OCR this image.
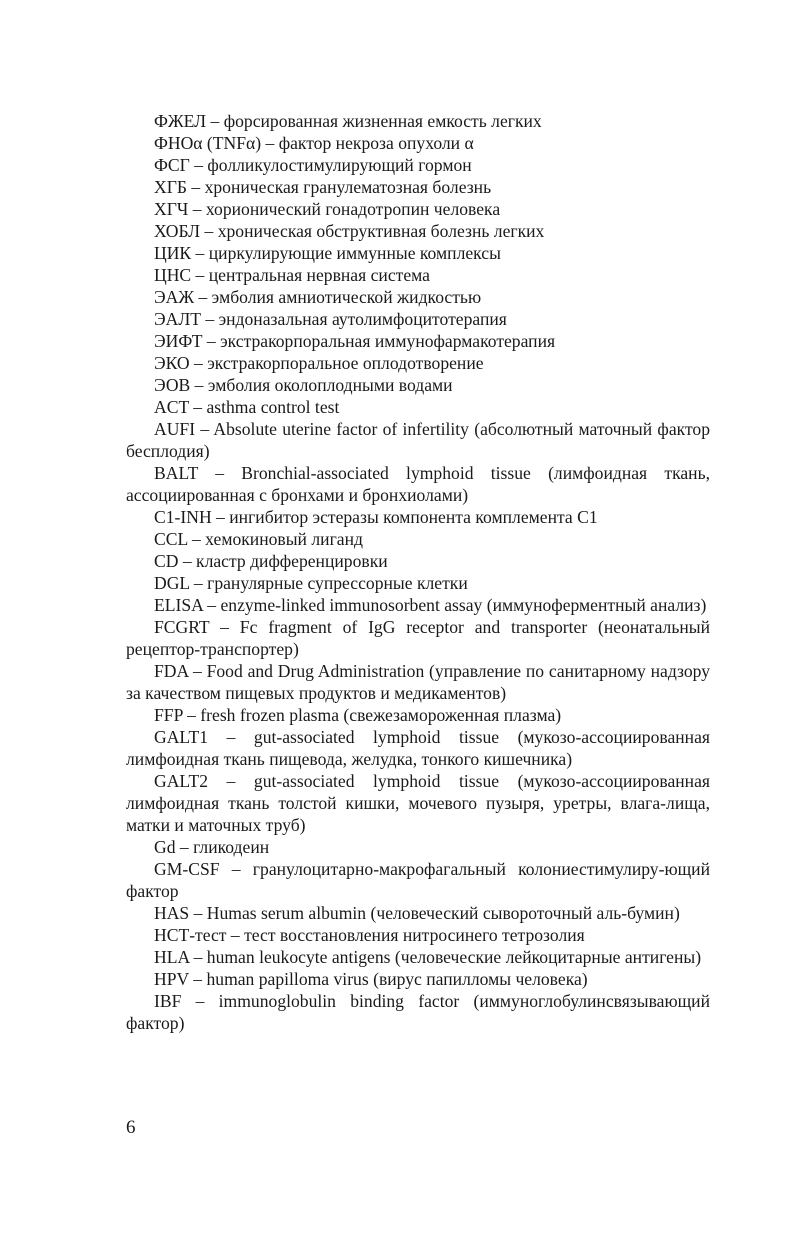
ФЖЕЛ – форсированная жизненная емкость легких

ФНОα (TNFα) – фактор некроза опухоли α

ФСГ – фолликулостимулирующий гормон

ХГБ – хроническая гранулематозная болезнь

ХГЧ – хорионический гонадотропин человека

ХОБЛ – хроническая обструктивная болезнь легких

ЦИК – циркулирующие иммунные комплексы

ЦНС – центральная нервная система

ЭАЖ – эмболия амниотической жидкостью

ЭАЛТ – эндоназальная аутолимфоцитотерапия

ЭИФТ – экстракорпоральная иммунофармакотерапия

ЭКО – экстракорпоральное оплодотворение

ЭОВ – эмболия околоплодными водами

ACT – asthma control test

AUFI – Absolute uterine factor of infertility (абсолютный маточный фактор бесплодия)

BALT – Bronchial-associated lymphoid tissue (лимфоидная ткань, ассоциированная с бронхами и бронхиолами)

C1-INH – ингибитор эстеразы компонента комплемента C1

CCL – хемокиновый лиганд

CD – кластр дифференцировки

DGL – гранулярные супрессорные клетки

ELISA – enzyme-linked immunosorbent assay (иммуноферментный анализ)

FCGRT – Fc fragment of IgG receptor and transporter (неонатальный рецептор-транспортер)

FDA – Food and Drug Administration (управление по санитарному надзору за качеством пищевых продуктов и медикаментов)

FFP – fresh frozen plasma (свежезамороженная плазма)

GALT1 – gut-associated lymphoid tissue (мукозо-ассоциированная лимфоидная ткань пищевода, желудка, тонкого кишечника)

GALT2 – gut-associated lymphoid tissue (мукозо-ассоциированная лимфоидная ткань толстой кишки, мочевого пузыря, уретры, влага-лища, матки и маточных труб)

Gd – гликодеин

GM-CSF – гранулоцитарно-макрофагальный колониестимулиру-ющий фактор

HAS – Humas serum albumin (человеческий сывороточный аль-бумин)

НСТ-тест – тест восстановления нитросинего тетрозолия

HLA – human leukocyte antigens (человеческие лейкоцитарные антигены)

HPV – human papilloma virus (вирус папилломы человека)

IBF – immunoglobulin binding factor (иммуноглобулинсвязывающий фактор)

6
